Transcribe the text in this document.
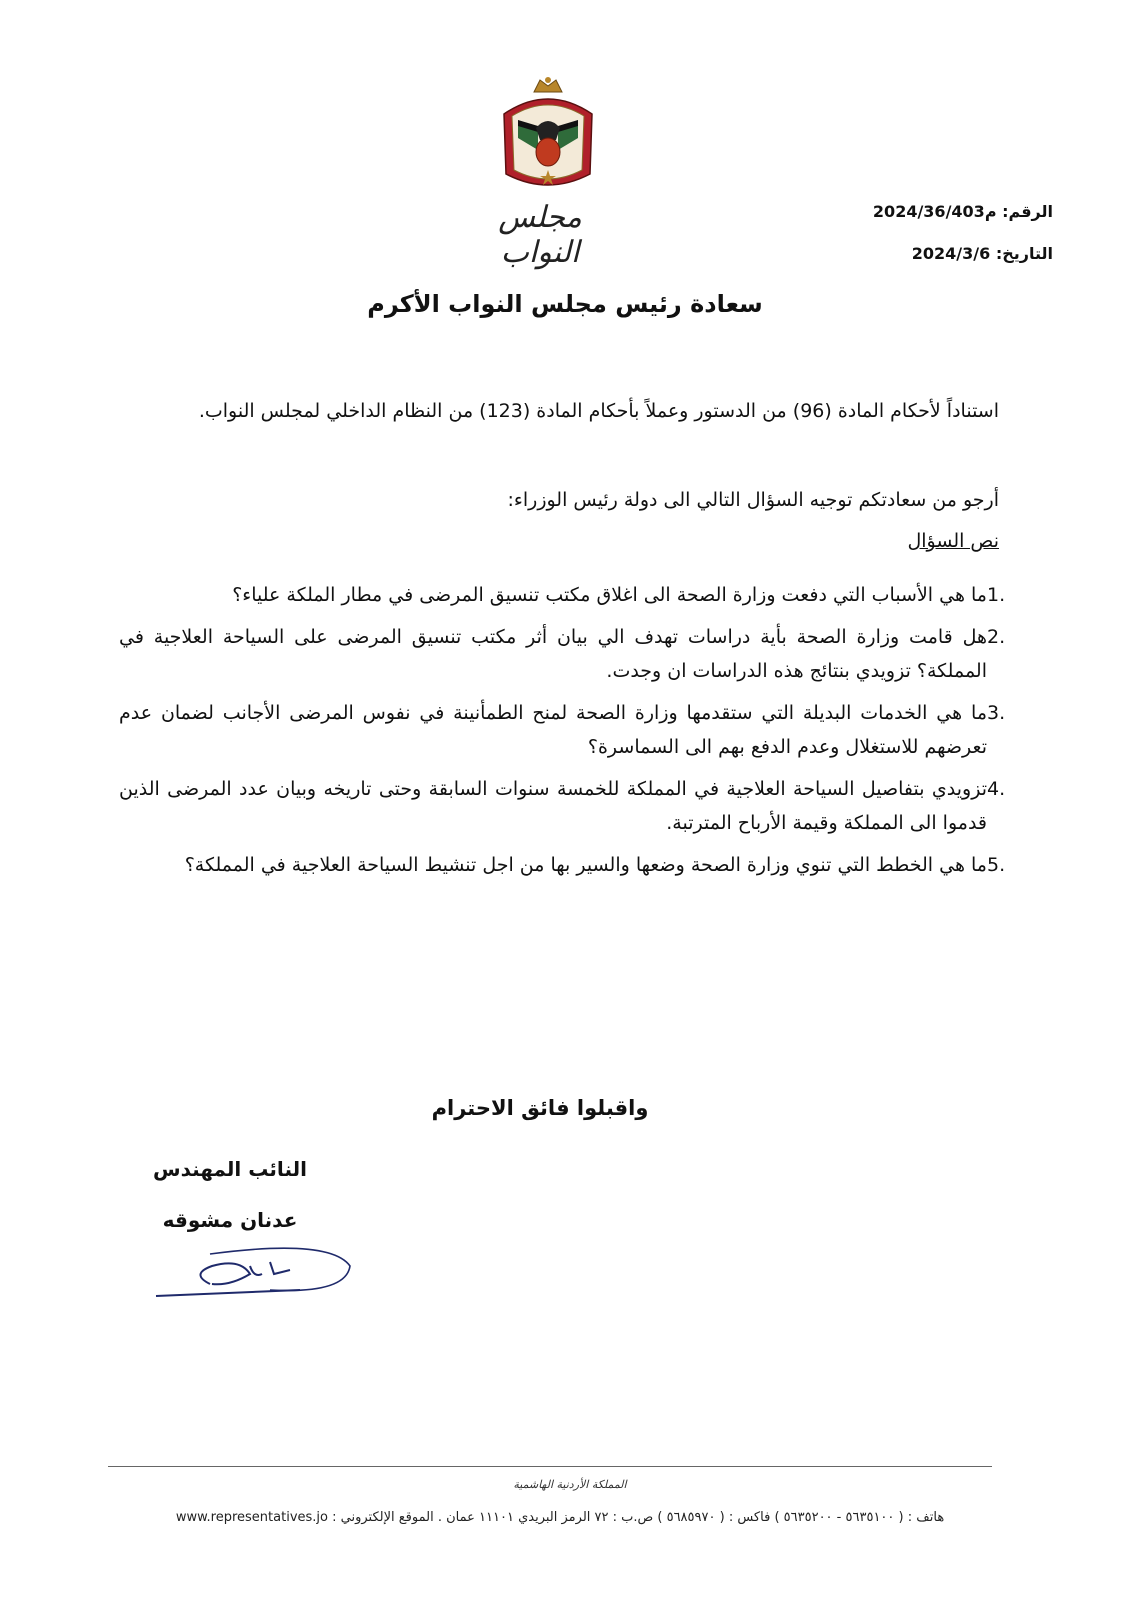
مجلس النواب
الرقم: م2024/36/403
التاريخ: 2024/3/6
سعادة رئيس مجلس النواب الأكرم
استناداً لأحكام المادة (96) من الدستور وعملاً بأحكام المادة (123) من النظام الداخلي لمجلس النواب.
أرجو من سعادتكم توجيه السؤال التالي الى دولة رئيس الوزراء:
نص السؤال
1.
ما هي الأسباب التي دفعت وزارة الصحة الى اغلاق مكتب تنسيق المرضى في مطار الملكة علياء؟
2.
هل قامت وزارة الصحة بأية دراسات تهدف الي بيان أثر مكتب تنسيق المرضى على السياحة العلاجية في المملكة؟ تزويدي بنتائج هذه الدراسات ان وجدت.
3.
ما هي الخدمات البديلة التي ستقدمها وزارة الصحة لمنح الطمأنينة في نفوس المرضى الأجانب لضمان عدم تعرضهم للاستغلال وعدم الدفع بهم الى السماسرة؟
4.
تزويدي بتفاصيل السياحة العلاجية في المملكة للخمسة سنوات السابقة وحتى تاريخه وبيان عدد المرضى الذين قدموا الى المملكة وقيمة الأرباح المترتبة.
5.
ما هي الخطط التي تنوي وزارة الصحة وضعها والسير بها من اجل تنشيط السياحة العلاجية في المملكة؟
واقبلوا فائق الاحترام
النائب المهندس
عدنان مشوقه
المملكة الأردنية الهاشمية
هاتف : ( ٥٦٣٥١٠٠ - ٥٦٣٥٢٠٠ ) فاكس : ( ٥٦٨٥٩٧٠ ) ص.ب : ٧٢ الرمز البريدي ١١١٠١ عمان . الموقع الإلكتروني : www.representatives.jo
